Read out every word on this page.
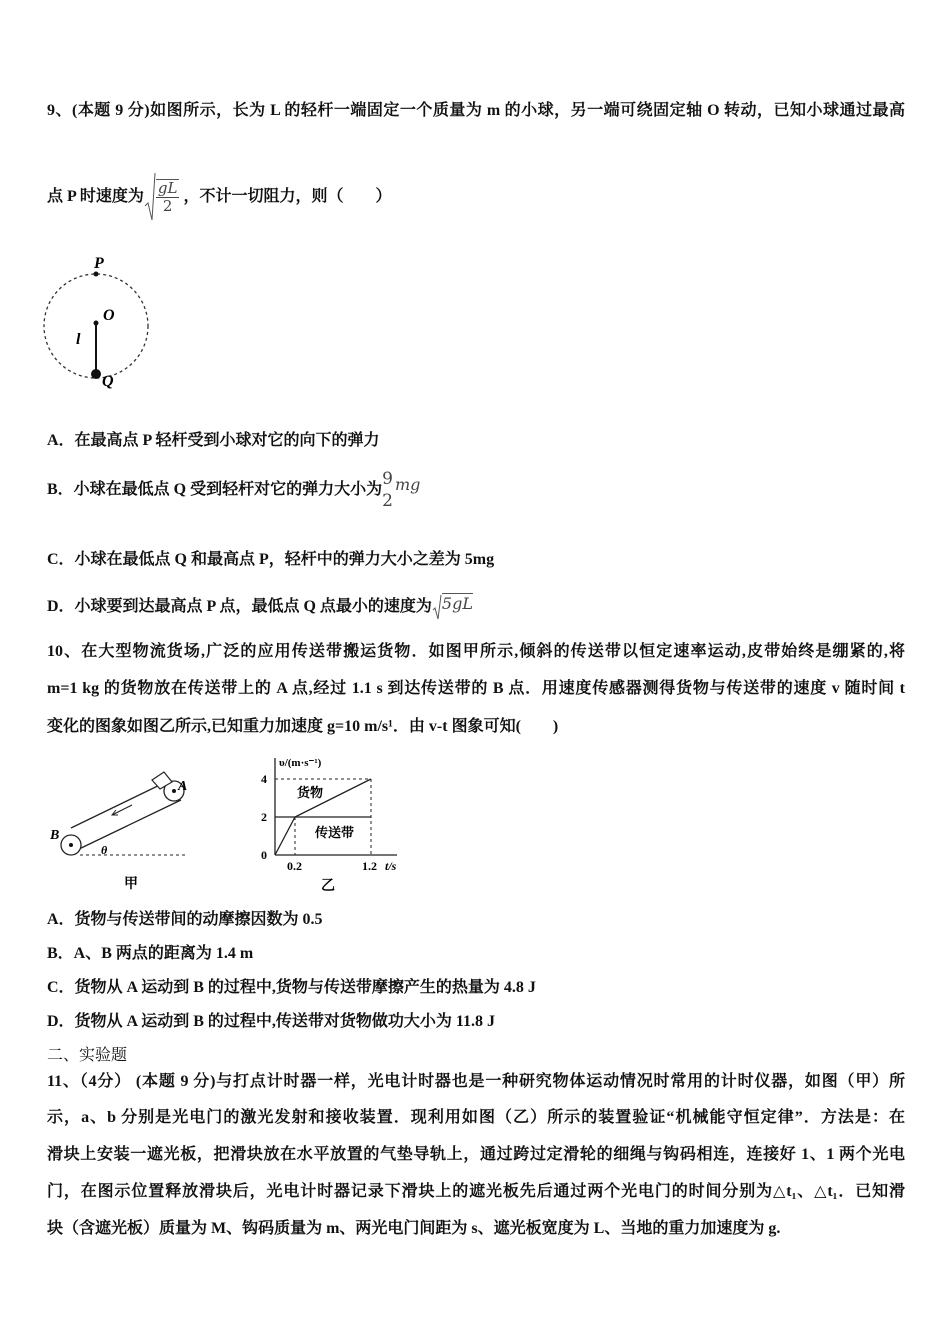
9、(本题 9 分)如图所示，长为 L 的轻杆一端固定一个质量为 m 的小球，另一端可绕固定轴 O 转动，已知小球通过最高
点 P 时速度为 $\frac{gL}{2}$ ，不计一切阻力，则（　　）
P
O
l
Q
A．在最高点 P 轻杆受到小球对它的向下的弹力
B．小球在最低点 Q 受到轻杆对它的弹力大小为
9
2
mg
C．小球在最低点 Q 和最高点 P，轻杆中的弹力大小之差为 5mg
D．小球要到达最高点 P 点，最低点 Q 点最小的速度为 5gL
10、在大型物流货场,广泛的应用传送带搬运货物．如图甲所示,倾斜的传送带以恒定速率运动,皮带始终是绷紧的,将
m=1 kg 的货物放在传送带上的 A 点,经过 1.1 s 到达传送带的 B 点．用速度传感器测得货物与传送带的速度 v 随时间 t
变化的图象如图乙所示,已知重力加速度 g=10 m/s¹．由 v-t 图象可知(　　)
B
A
θ
甲
υ/(m·s⁻¹)
4
2
0
0.2	1.2 t/s
货物
传送带
乙
A．货物与传送带间的动摩擦因数为 0.5
B．A、B 两点的距离为 1.4 m
C．货物从 A 运动到 B 的过程中,货物与传送带摩擦产生的热量为 4.8 J
D．货物从 A 运动到 B 的过程中,传送带对货物做功大小为 11.8 J
二、实验题
11、（4分） (本题 9 分)与打点计时器一样，光电计时器也是一种研究物体运动情况时常用的计时仪器，如图（甲）所
示，a、b 分别是光电门的激光发射和接收装置．现利用如图（乙）所示的装置验证“机械能守恒定律”．方法是：在
滑块上安装一遮光板，把滑块放在水平放置的气垫导轨上，通过跨过定滑轮的细绳与钩码相连，连接好 1、1 两个光电
门，在图示位置释放滑块后，光电计时器记录下滑块上的遮光板先后通过两个光电门的时间分别为△t₁、△t₁．已知滑
块（含遮光板）质量为 M、钩码质量为 m、两光电门间距为 s、遮光板宽度为 L、当地的重力加速度为 g.
